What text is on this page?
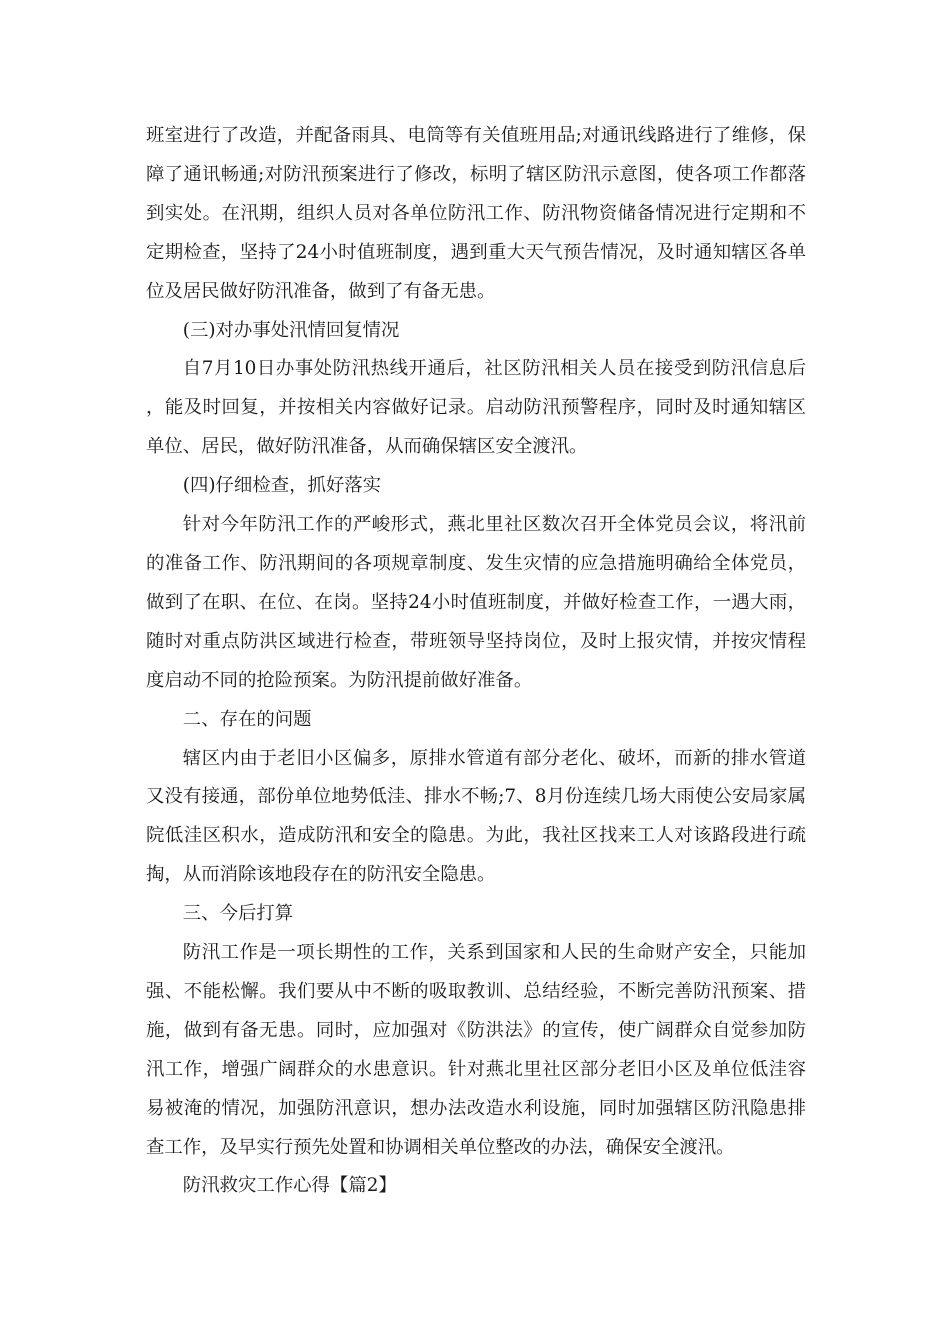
班室进行了改造，并配备雨具、电筒等有关值班用品;对通讯线路进行了维修，保障了通讯畅通;对防汛预案进行了修改，标明了辖区防汛示意图，使各项工作都落到实处。在汛期，组织人员对各单位防汛工作、防汛物资储备情况进行定期和不定期检查，坚持了24小时值班制度，遇到重大天气预告情况，及时通知辖区各单位及居民做好防汛准备，做到了有备无患。

(三)对办事处汛情回复情况

自7月10日办事处防汛热线开通后，社区防汛相关人员在接受到防汛信息后，能及时回复，并按相关内容做好记录。启动防汛预警程序，同时及时通知辖区单位、居民，做好防汛准备，从而确保辖区安全渡汛。

(四)仔细检查，抓好落实

针对今年防汛工作的严峻形式，燕北里社区数次召开全体党员会议，将汛前的准备工作、防汛期间的各项规章制度、发生灾情的应急措施明确给全体党员，做到了在职、在位、在岗。坚持24小时值班制度，并做好检查工作，一遇大雨，随时对重点防洪区域进行检查，带班领导坚持岗位，及时上报灾情，并按灾情程度启动不同的抢险预案。为防汛提前做好准备。

二、存在的问题

辖区内由于老旧小区偏多，原排水管道有部分老化、破坏，而新的排水管道又没有接通，部份单位地势低洼、排水不畅;7、8月份连续几场大雨使公安局家属院低洼区积水，造成防汛和安全的隐患。为此，我社区找来工人对该路段进行疏掏，从而消除该地段存在的防汛安全隐患。

三、今后打算

防汛工作是一项长期性的工作，关系到国家和人民的生命财产安全，只能加强、不能松懈。我们要从中不断的吸取教训、总结经验，不断完善防汛预案、措施，做到有备无患。同时，应加强对《防洪法》的宣传，使广阔群众自觉参加防汛工作，增强广阔群众的水患意识。针对燕北里社区部分老旧小区及单位低洼容易被淹的情况，加强防汛意识，想办法改造水利设施，同时加强辖区防汛隐患排查工作，及早实行预先处置和协调相关单位整改的办法，确保安全渡汛。

防汛救灾工作心得【篇2】
